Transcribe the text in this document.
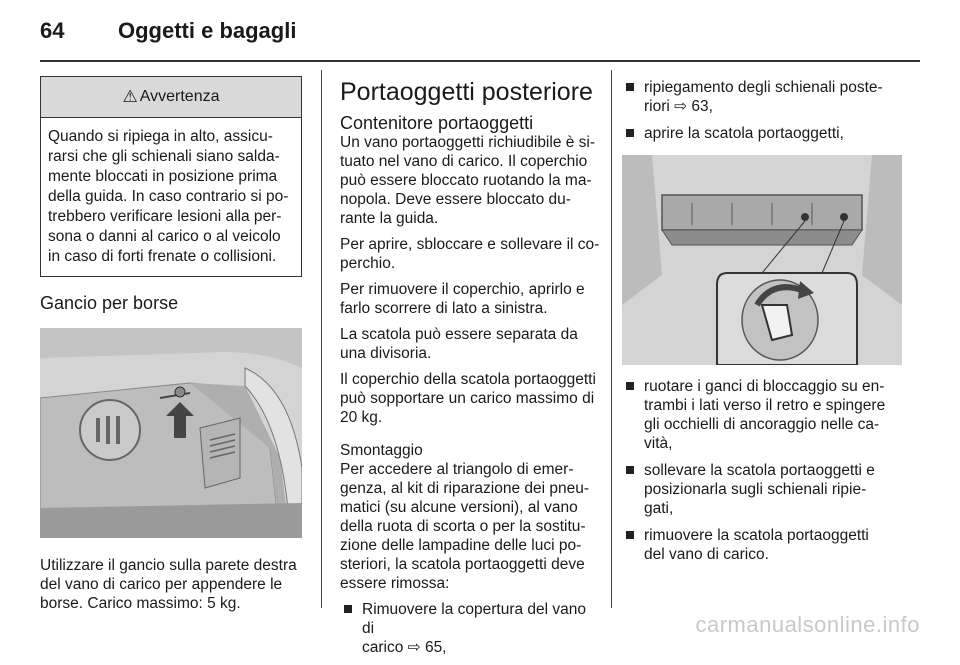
64 Oggetti e bagagli
⚠ Avvertenza
Quando si ripiega in alto, assicu-
rarsi che gli schienali siano salda-
mente bloccati in posizione prima
della guida. In caso contrario si po-
trebbero verificare lesioni alla per-
sona o danni al carico o al veicolo
in caso di forti frenate o collisioni.
Gancio per borse
Utilizzare il gancio sulla parete destra
del vano di carico per appendere le
borse. Carico massimo: 5 kg.
Portaoggetti posteriore
Contenitore portaoggetti
Un vano portaoggetti richiudibile è si-
tuato nel vano di carico. Il coperchio
può essere bloccato ruotando la ma-
nopola. Deve essere bloccato du-
rante la guida.
Per aprire, sbloccare e sollevare il co-
perchio.
Per rimuovere il coperchio, aprirlo e
farlo scorrere di lato a sinistra.
La scatola può essere separata da
una divisoria.
Il coperchio della scatola portaoggetti
può sopportare un carico massimo di
20 kg.
Smontaggio
Per accedere al triangolo di emer-
genza, al kit di riparazione dei pneu-
matici (su alcune versioni), al vano
della ruota di scorta o per la sostitu-
zione delle lampadine delle luci po-
steriori, la scatola portaoggetti deve
essere rimossa:
Rimuovere la copertura del vano di
carico ⇨ 65,
ripiegamento degli schienali poste-
riori ⇨ 63,
aprire la scatola portaoggetti,
ruotare i ganci di bloccaggio su en-
trambi i lati verso il retro e spingere
gli occhielli di ancoraggio nelle ca-
vità,
sollevare la scatola portaoggetti e
posizionarla sugli schienali ripie-
gati,
rimuovere la scatola portaoggetti
del vano di carico.
carmanualsonline.info
